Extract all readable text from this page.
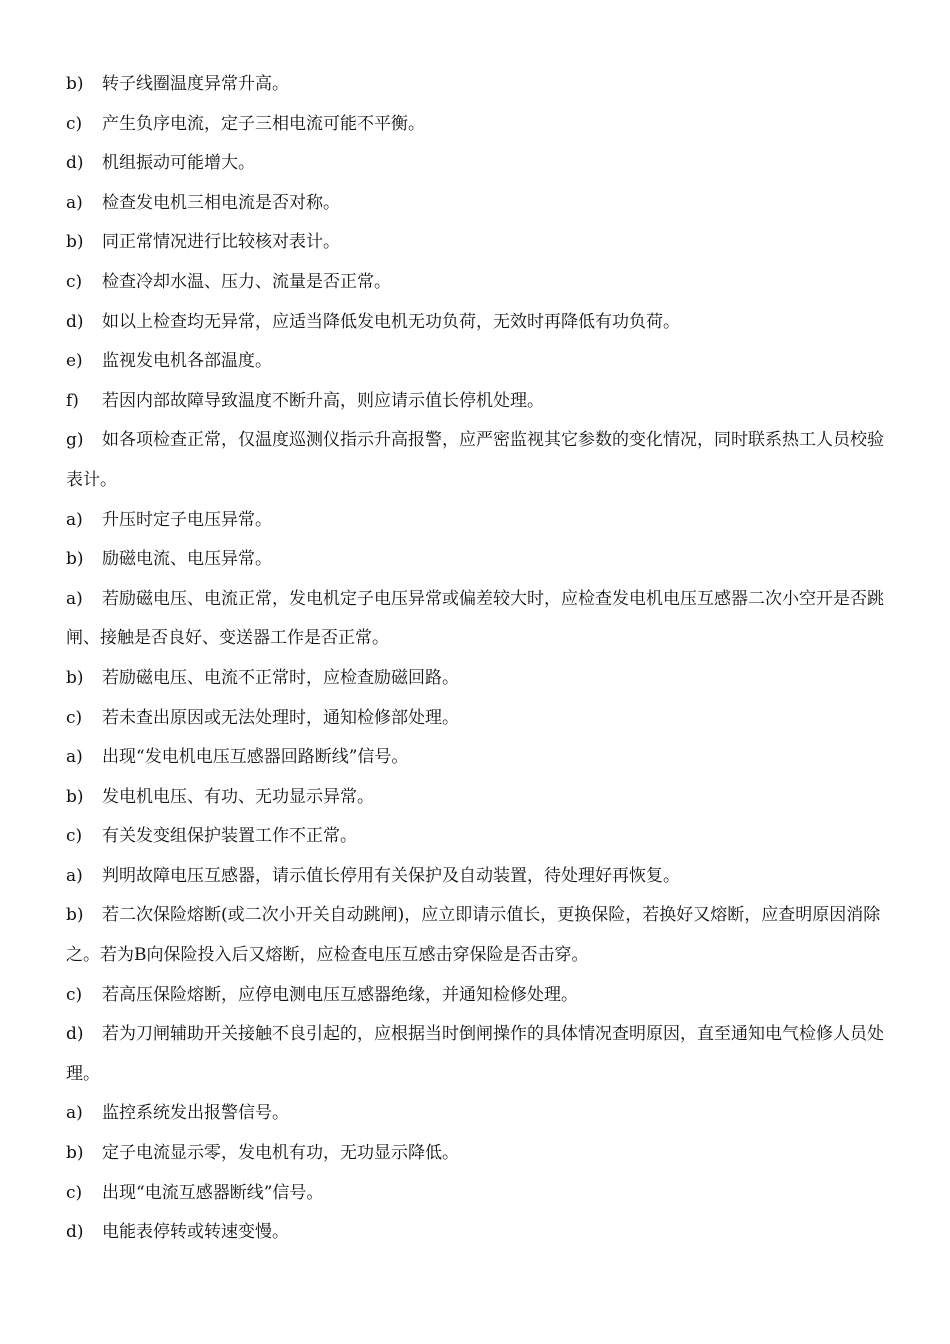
b) 转子线圈温度异常升高。
c) 产生负序电流，定子三相电流可能不平衡。
d) 机组振动可能增大。
a) 检查发电机三相电流是否对称。
b) 同正常情况进行比较核对表计。
c) 检查冷却水温、压力、流量是否正常。
d) 如以上检查均无异常，应适当降低发电机无功负荷，无效时再降低有功负荷。
e) 监视发电机各部温度。
f) 若因内部故障导致温度不断升高，则应请示值长停机处理。
g) 如各项检查正常，仅温度巡测仪指示升高报警，应严密监视其它参数的变化情况，同时联系热工人员校验表计。
a) 升压时定子电压异常。
b) 励磁电流、电压异常。
a) 若励磁电压、电流正常，发电机定子电压异常或偏差较大时，应检查发电机电压互感器二次小空开是否跳闸、接触是否良好、变送器工作是否正常。
b) 若励磁电压、电流不正常时，应检查励磁回路。
c) 若未查出原因或无法处理时，通知检修部处理。
a) 出现“发电机电压互感器回路断线”信号。
b) 发电机电压、有功、无功显示异常。
c) 有关发变组保护装置工作不正常。
a) 判明故障电压互感器，请示值长停用有关保护及自动装置，待处理好再恢复。
b) 若二次保险熔断(或二次小开关自动跳闸)，应立即请示值长，更换保险，若换好又熔断，应查明原因消除之。若为B向保险投入后又熔断，应检查电压互感击穿保险是否击穿。
c) 若高压保险熔断，应停电测电压互感器绝缘，并通知检修处理。
d) 若为刀闸辅助开关接触不良引起的，应根据当时倒闸操作的具体情况查明原因，直至通知电气检修人员处理。
a) 监控系统发出报警信号。
b) 定子电流显示零，发电机有功，无功显示降低。
c) 出现“电流互感器断线”信号。
d) 电能表停转或转速变慢。
